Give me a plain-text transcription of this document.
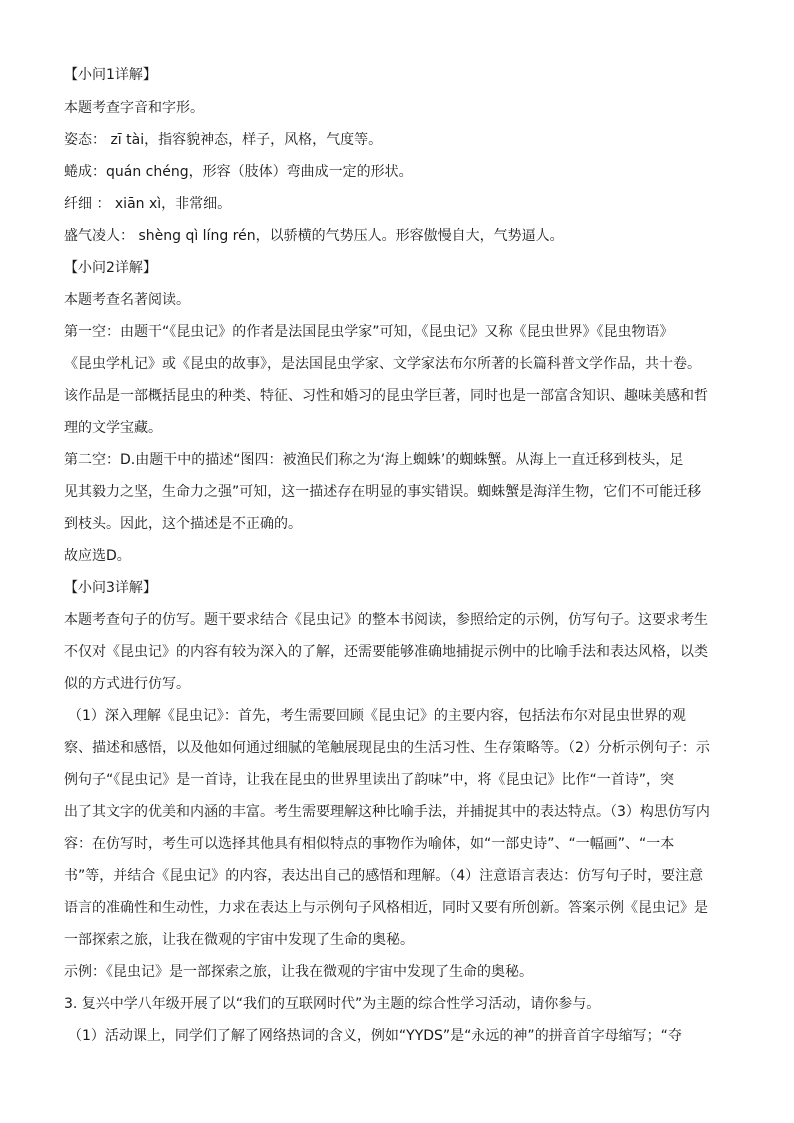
【小问1详解】
本题考查字音和字形。
姿态： zī tài，指容貌神态，样子，风格，气度等。
蜷成：quán chéng，形容（肢体）弯曲成一定的形状。
纤细 ： xiān xì，非常细。
盛气凌人： shèng qì líng rén，以骄横的气势压人。形容傲慢自大，气势逼人。
【小问2详解】
本题考查名著阅读。
第一空：由题干“《昆虫记》的作者是法国昆虫学家”可知，《昆虫记》又称《昆虫世界》《昆虫物语》
《昆虫学札记》或《昆虫的故事》，是法国昆虫学家、文学家法布尔所著的长篇科普文学作品，共十卷。
该作品是一部概括昆虫的种类、特征、习性和婚习的昆虫学巨著，同时也是一部富含知识、趣味美感和哲
理的文学宝藏。
第二空：D.由题干中的描述“图四：被渔民们称之为‘海上蜘蛛’的蜘蛛蟹。从海上一直迁移到枝头，足
见其毅力之坚，生命力之强”可知，这一描述存在明显的事实错误。蜘蛛蟹是海洋生物，它们不可能迁移
到枝头。因此，这个描述是不正确的。
故应选D。
【小问3详解】
本题考查句子的仿写。题干要求结合《昆虫记》的整本书阅读，参照给定的示例，仿写句子。这要求考生
不仅对《昆虫记》的内容有较为深入的了解，还需要能够准确地捕捉示例中的比喻手法和表达风格，以类
似的方式进行仿写。
（1）深入理解《昆虫记》：首先，考生需要回顾《昆虫记》的主要内容，包括法布尔对昆虫世界的观
察、描述和感悟，以及他如何通过细腻的笔触展现昆虫的生活习性、生存策略等。（2）分析示例句子：示
例句子“《昆虫记》是一首诗，让我在昆虫的世界里读出了韵味”中，将《昆虫记》比作“一首诗”，突
出了其文字的优美和内涵的丰富。考生需要理解这种比喻手法，并捕捉其中的表达特点。（3）构思仿写内
容：在仿写时，考生可以选择其他具有相似特点的事物作为喻体，如“一部史诗”、“一幅画”、“一本
书”等，并结合《昆虫记》的内容，表达出自己的感悟和理解。（4）注意语言表达：仿写句子时，要注意
语言的准确性和生动性，力求在表达上与示例句子风格相近，同时又要有所创新。答案示例《昆虫记》是
一部探索之旅，让我在微观的宇宙中发现了生命的奥秘。
示例：《昆虫记》是一部探索之旅，让我在微观的宇宙中发现了生命的奥秘。
3. 复兴中学八年级开展了以“我们的互联网时代”为主题的综合性学习活动，请你参与。
（1）活动课上，同学们了解了网络热词的含义，例如“YYDS”是“永远的神”的拼音首字母缩写；“夺
